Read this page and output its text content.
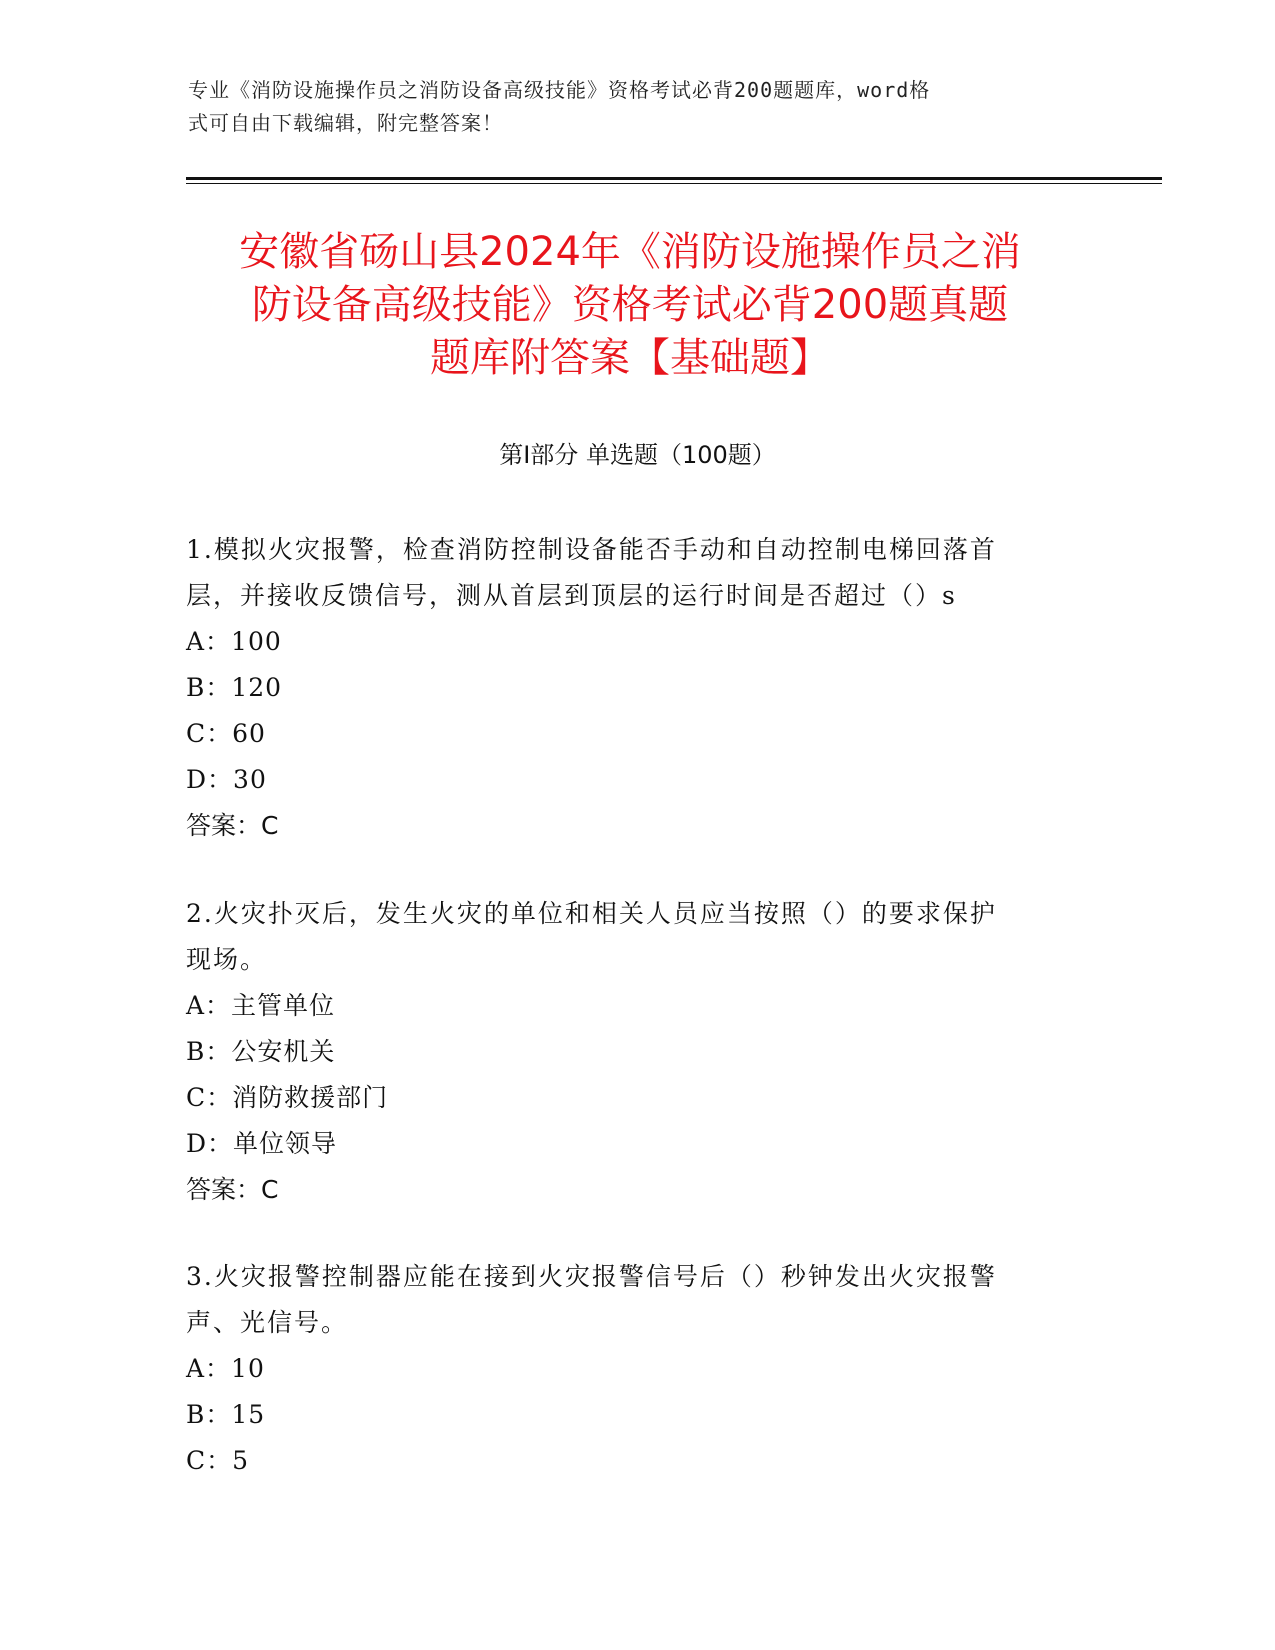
专业《消防设施操作员之消防设备高级技能》资格考试必背200题题库，word格
式可自由下载编辑，附完整答案！
安徽省砀山县2024年《消防设施操作员之消
防设备高级技能》资格考试必背200题真题
题库附答案【基础题】
第Ⅰ部分 单选题（100题）

1.模拟火灾报警，检查消防控制设备能否手动和自动控制电梯回落首
层，并接收反馈信号，测从首层到顶层的运行时间是否超过（）s

A：100

B：120

C：60

D：30

答案：C

2.火灾扑灭后，发生火灾的单位和相关人员应当按照（）的要求保护
现场。

A：主管单位

B：公安机关

C：消防救援部门

D：单位领导

答案：C

3.火灾报警控制器应能在接到火灾报警信号后（）秒钟发出火灾报警
声、光信号。

A：10

B：15

C：5
